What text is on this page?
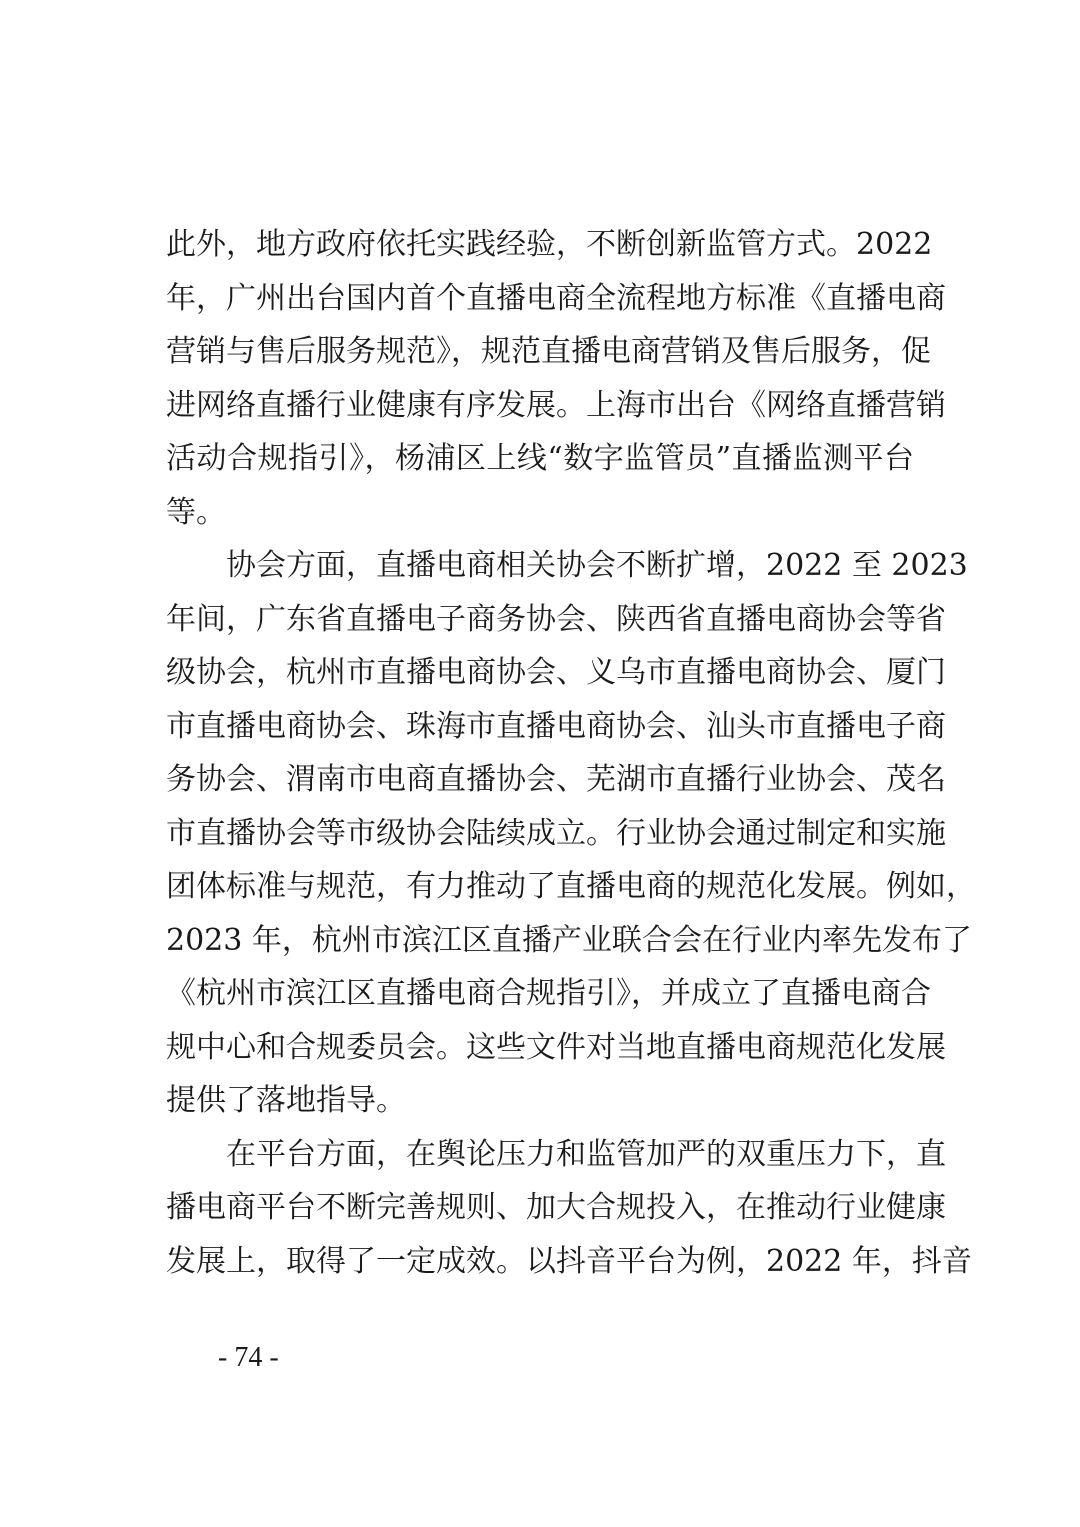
此外，地方政府依托实践经验，不断创新监管方式。2022
年，广州出台国内首个直播电商全流程地方标准《直播电商
营销与售后服务规范》，规范直播电商营销及售后服务，促
进网络直播行业健康有序发展。上海市出台《网络直播营销
活动合规指引》，杨浦区上线“数字监管员”直播监测平台
等。
　　协会方面，直播电商相关协会不断扩增，2022 至 2023
年间，广东省直播电子商务协会、陕西省直播电商协会等省
级协会，杭州市直播电商协会、义乌市直播电商协会、厦门
市直播电商协会、珠海市直播电商协会、汕头市直播电子商
务协会、渭南市电商直播协会、芜湖市直播行业协会、茂名
市直播协会等市级协会陆续成立。行业协会通过制定和实施
团体标准与规范，有力推动了直播电商的规范化发展。例如，
2023 年，杭州市滨江区直播产业联合会在行业内率先发布了
《杭州市滨江区直播电商合规指引》，并成立了直播电商合
规中心和合规委员会。这些文件对当地直播电商规范化发展
提供了落地指导。
　　在平台方面，在舆论压力和监管加严的双重压力下，直
播电商平台不断完善规则、加大合规投入，在推动行业健康
发展上，取得了一定成效。以抖音平台为例，2022 年，抖音
- 74 -
